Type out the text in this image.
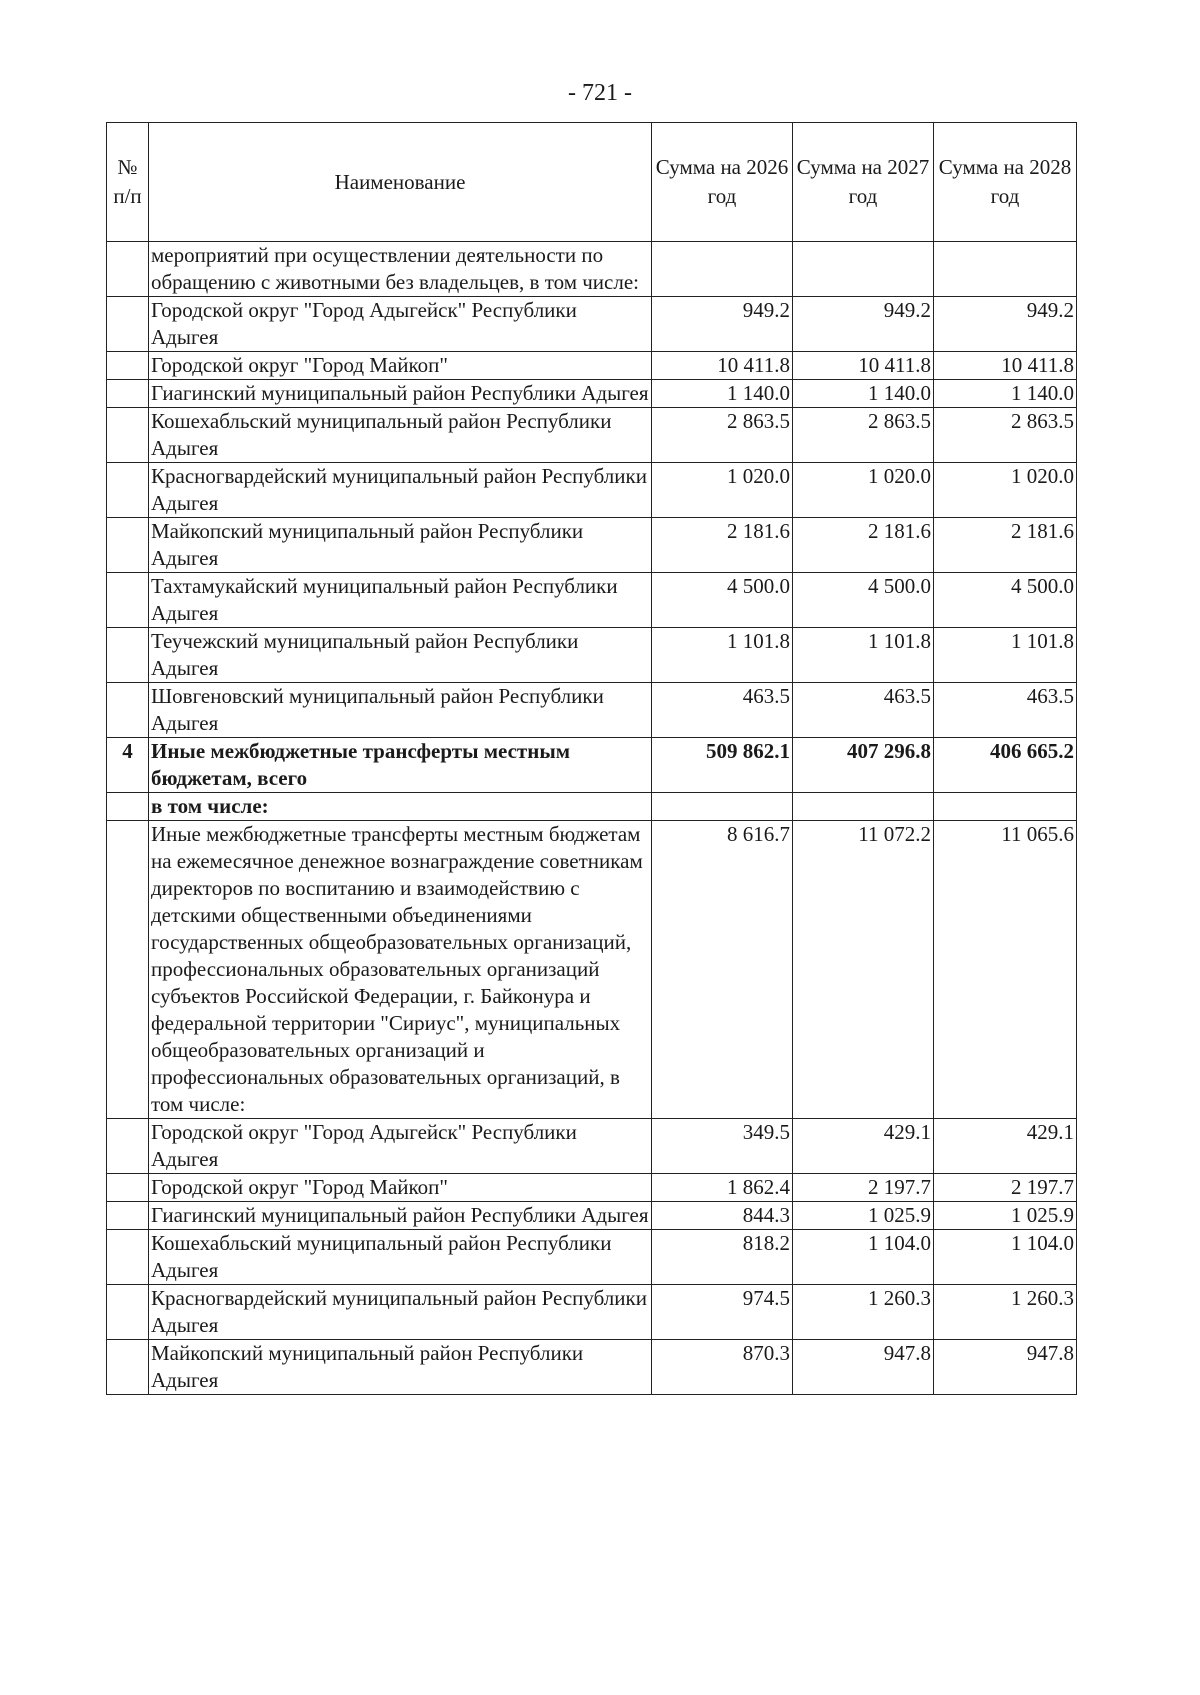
- 721 -
№ п/п	Наименование	Сумма на 2026 год	Сумма на 2027 год	Сумма на 2028 год
	мероприятий при осуществлении деятельности по обращению с животными без владельцев, в том числе:			
	Городской округ "Город Адыгейск" Республики Адыгея	949.2	949.2	949.2
	Городской округ "Город Майкоп"	10 411.8	10 411.8	10 411.8
	Гиагинский муниципальный район Республики Адыгея	1 140.0	1 140.0	1 140.0
	Кошехабльский муниципальный район Республики Адыгея	2 863.5	2 863.5	2 863.5
	Красногвардейский муниципальный район Республики Адыгея	1 020.0	1 020.0	1 020.0
	Майкопский муниципальный район Республики Адыгея	2 181.6	2 181.6	2 181.6
	Тахтамукайский муниципальный район Республики Адыгея	4 500.0	4 500.0	4 500.0
	Теучежский муниципальный район Республики Адыгея	1 101.8	1 101.8	1 101.8
	Шовгеновский муниципальный район Республики Адыгея	463.5	463.5	463.5
4	Иные межбюджетные трансферты местным бюджетам, всего	509 862.1	407 296.8	406 665.2
	в том числе:			
	Иные межбюджетные трансферты местным бюджетам на ежемесячное денежное вознаграждение советникам директоров по воспитанию и взаимодействию с детскими общественными объединениями государственных общеобразовательных организаций, профессиональных образовательных организаций субъектов Российской Федерации, г. Байконура и федеральной территории "Сириус", муниципальных общеобразовательных организаций и профессиональных образовательных организаций, в том числе:	8 616.7	11 072.2	11 065.6
	Городской округ "Город Адыгейск" Республики Адыгея	349.5	429.1	429.1
	Городской округ "Город Майкоп"	1 862.4	2 197.7	2 197.7
	Гиагинский муниципальный район Республики Адыгея	844.3	1 025.9	1 025.9
	Кошехабльский муниципальный район Республики Адыгея	818.2	1 104.0	1 104.0
	Красногвардейский муниципальный район Республики Адыгея	974.5	1 260.3	1 260.3
	Майкопский муниципальный район Республики Адыгея	870.3	947.8	947.8
